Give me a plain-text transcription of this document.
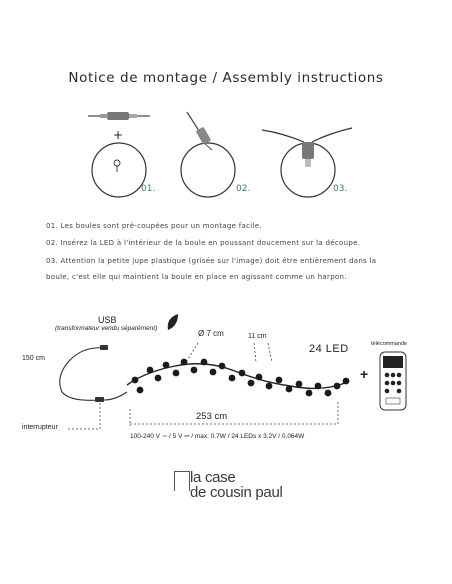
Notice de montage / Assembly instructions
+
01.	02.	03.
01. Les boules sont pré-coupées pour un montage facile.
02. Insérez la LED à l'intérieur de la boule en poussant doucement sur la découpe.
03. Attention la petite jupe plastique (grisée sur l'image) doit être entièrement dans la
boule, c'est elle qui maintient la boule en place en agissant comme un harpon.
USB
(transformateur vendu séparément)
150 cm
Ø 7 cm	11 cm
24 LED	télécommande
+
253 cm
interrupteur
100-240 V ∼ / 5 V ⎓ / max: 0.7W / 24 LEDs x 3.2V / 0,064W
la case
de cousin paul
